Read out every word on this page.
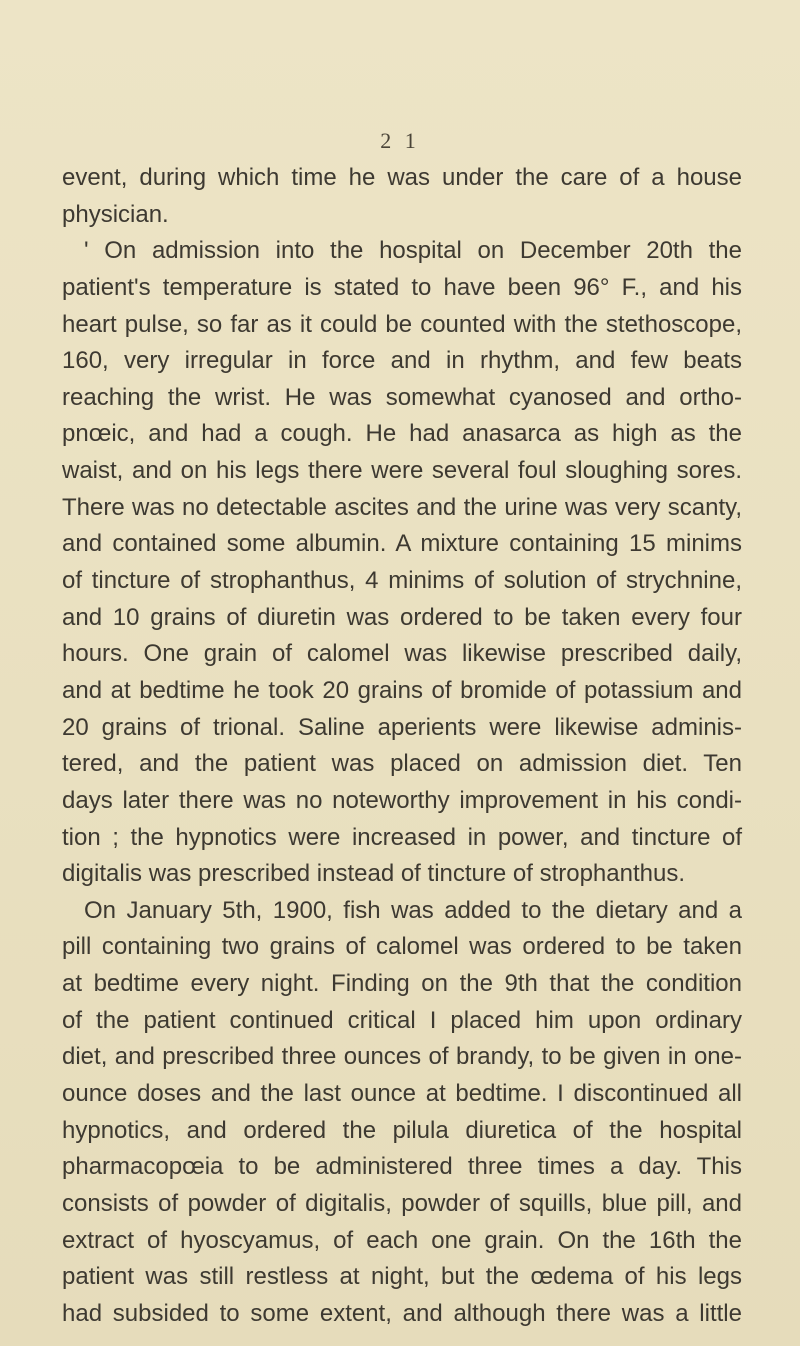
2 1
event, during which time he was under the care of a house
physician.
' On admission into the hospital on December 20th the
patient's temperature is stated to have been 96° F., and his
heart pulse, so far as it could be counted with the stethoscope,
160, very irregular in force and in rhythm, and few beats
reaching the wrist. He was somewhat cyanosed and ortho-
pnœic, and had a cough. He had anasarca as high as the
waist, and on his legs there were several foul sloughing sores.
There was no detectable ascites and the urine was very scanty,
and contained some albumin. A mixture containing 15 minims
of tincture of strophanthus, 4 minims of solution of strychnine,
and 10 grains of diuretin was ordered to be taken every four
hours. One grain of calomel was likewise prescribed daily,
and at bedtime he took 20 grains of bromide of potassium and
20 grains of trional. Saline aperients were likewise adminis-
tered, and the patient was placed on admission diet. Ten
days later there was no noteworthy improvement in his condi-
tion ; the hypnotics were increased in power, and tincture of
digitalis was prescribed instead of tincture of strophanthus.
On January 5th, 1900, fish was added to the dietary and a
pill containing two grains of calomel was ordered to be taken
at bedtime every night. Finding on the 9th that the condition
of the patient continued critical I placed him upon ordinary
diet, and prescribed three ounces of brandy, to be given in one-
ounce doses and the last ounce at bedtime. I discontinued all
hypnotics, and ordered the pilula diuretica of the hospital
pharmacopœia to be administered three times a day. This
consists of powder of digitalis, powder of squills, blue pill, and
extract of hyoscyamus, of each one grain. On the 16th the
patient was still restless at night, but the œdema of his legs
had subsided to some extent, and although there was a little
